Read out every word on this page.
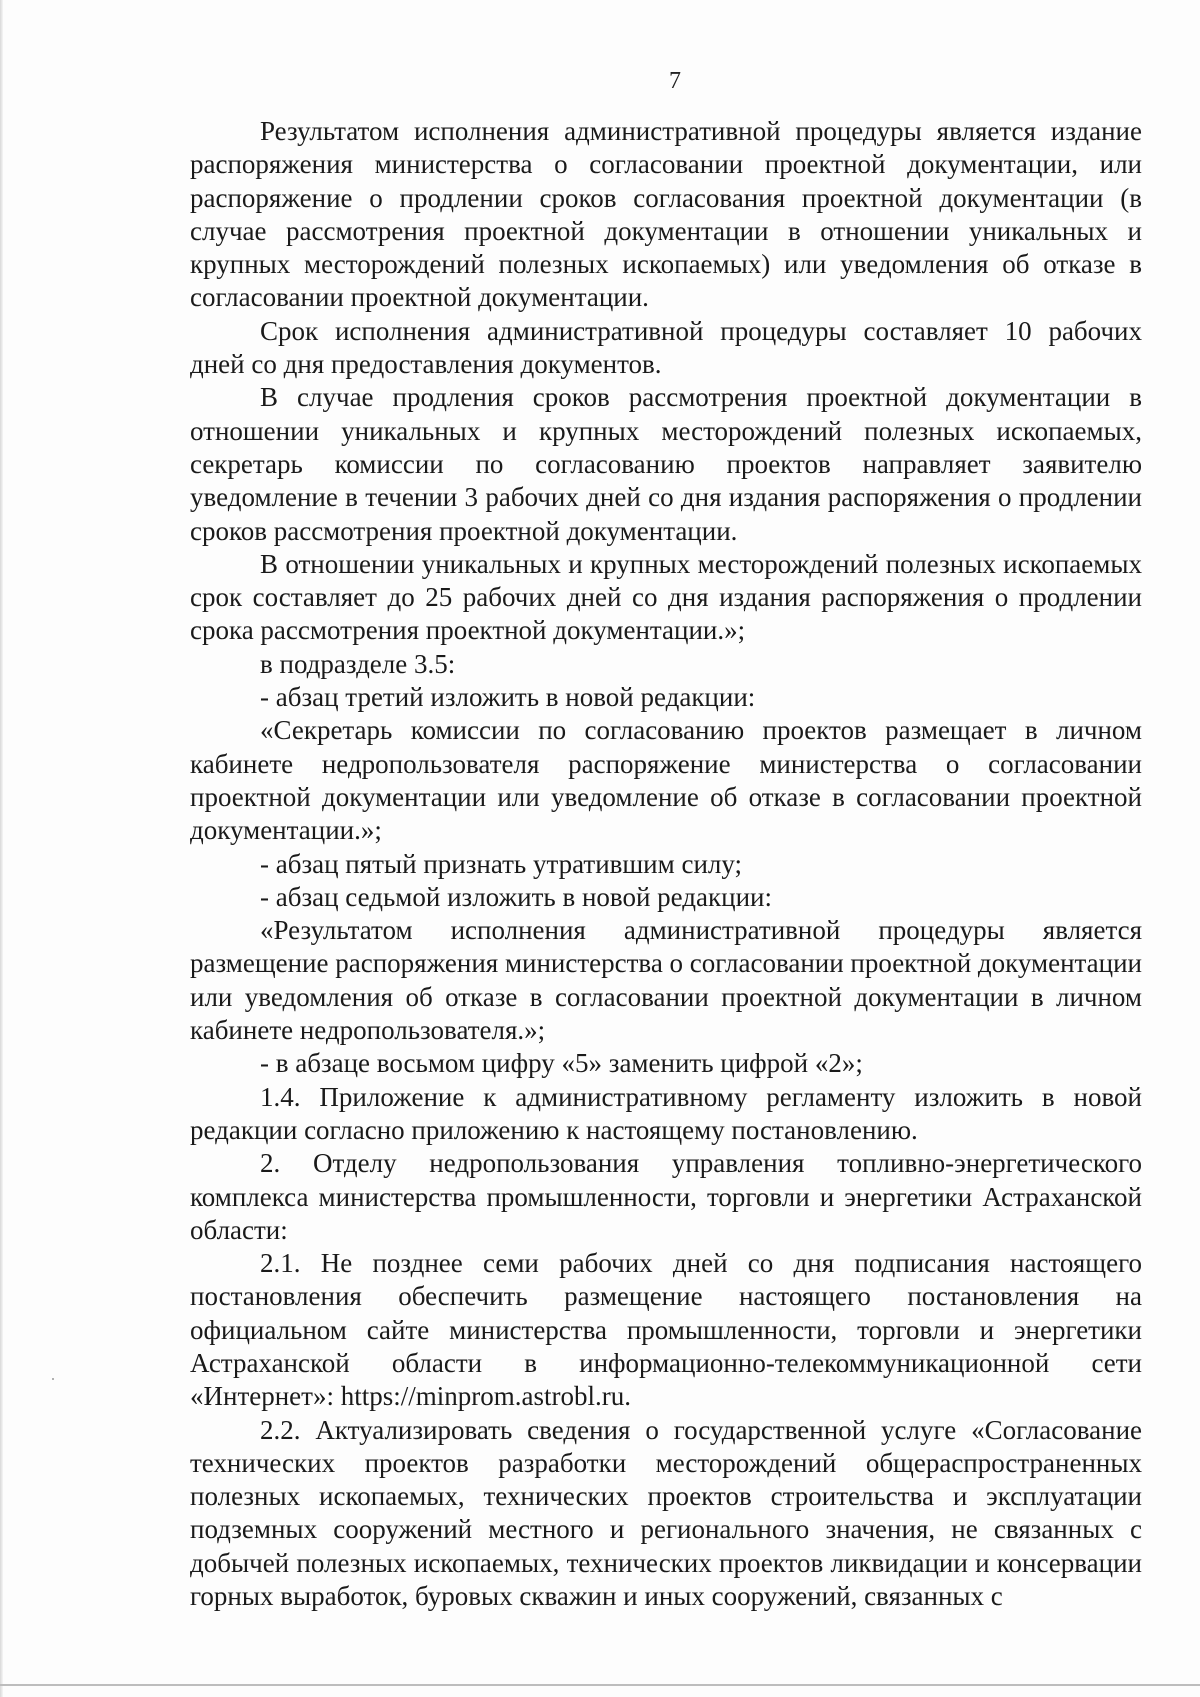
7

Результатом исполнения административной процедуры является издание распоряжения министерства о согласовании проектной документации, или распоряжение о продлении сроков согласования проектной документации (в случае рассмотрения проектной документации в отношении уникальных и крупных месторождений полезных ископаемых) или уведомления об отказе в согласовании проектной документации.

Срок исполнения административной процедуры составляет 10 рабочих дней со дня предоставления документов.

В случае продления сроков рассмотрения проектной документации в отношении уникальных и крупных месторождений полезных ископаемых, секретарь комиссии по согласованию проектов направляет заявителю уведомление в течении 3 рабочих дней со дня издания распоряжения о продлении сроков рассмотрения проектной документации.

В отношении уникальных и крупных месторождений полезных ископаемых срок составляет до 25 рабочих дней со дня издания распоряжения о продлении срока рассмотрения проектной документации.»;

в подразделе 3.5:

- абзац третий изложить в новой редакции:

«Секретарь комиссии по согласованию проектов размещает в личном кабинете недропользователя распоряжение министерства о согласовании проектной документации или уведомление об отказе в согласовании проектной документации.»;

- абзац пятый признать утратившим силу;

- абзац седьмой изложить в новой редакции:

«Результатом исполнения административной процедуры является размещение распоряжения министерства о согласовании проектной документации или уведомления об отказе в согласовании проектной документации в личном кабинете недропользователя.»;

- в абзаце восьмом цифру «5» заменить цифрой «2»;

1.4. Приложение к административному регламенту изложить в новой редакции согласно приложению к настоящему постановлению.

2. Отделу недропользования управления топливно-энергетического комплекса министерства промышленности, торговли и энергетики Астраханской области:

2.1. Не позднее семи рабочих дней со дня подписания настоящего постановления обеспечить размещение настоящего постановления на официальном сайте министерства промышленности, торговли и энергетики Астраханской области в информационно-телекоммуникационной сети «Интернет»: https://minprom.astrobl.ru.

2.2. Актуализировать сведения о государственной услуге «Согласование технических проектов разработки месторождений общераспространенных полезных ископаемых, технических проектов строительства и эксплуатации подземных сооружений местного и регионального значения, не связанных с добычей полезных ископаемых, технических проектов ликвидации и консервации горных выработок, буровых скважин и иных сооружений, связанных с
